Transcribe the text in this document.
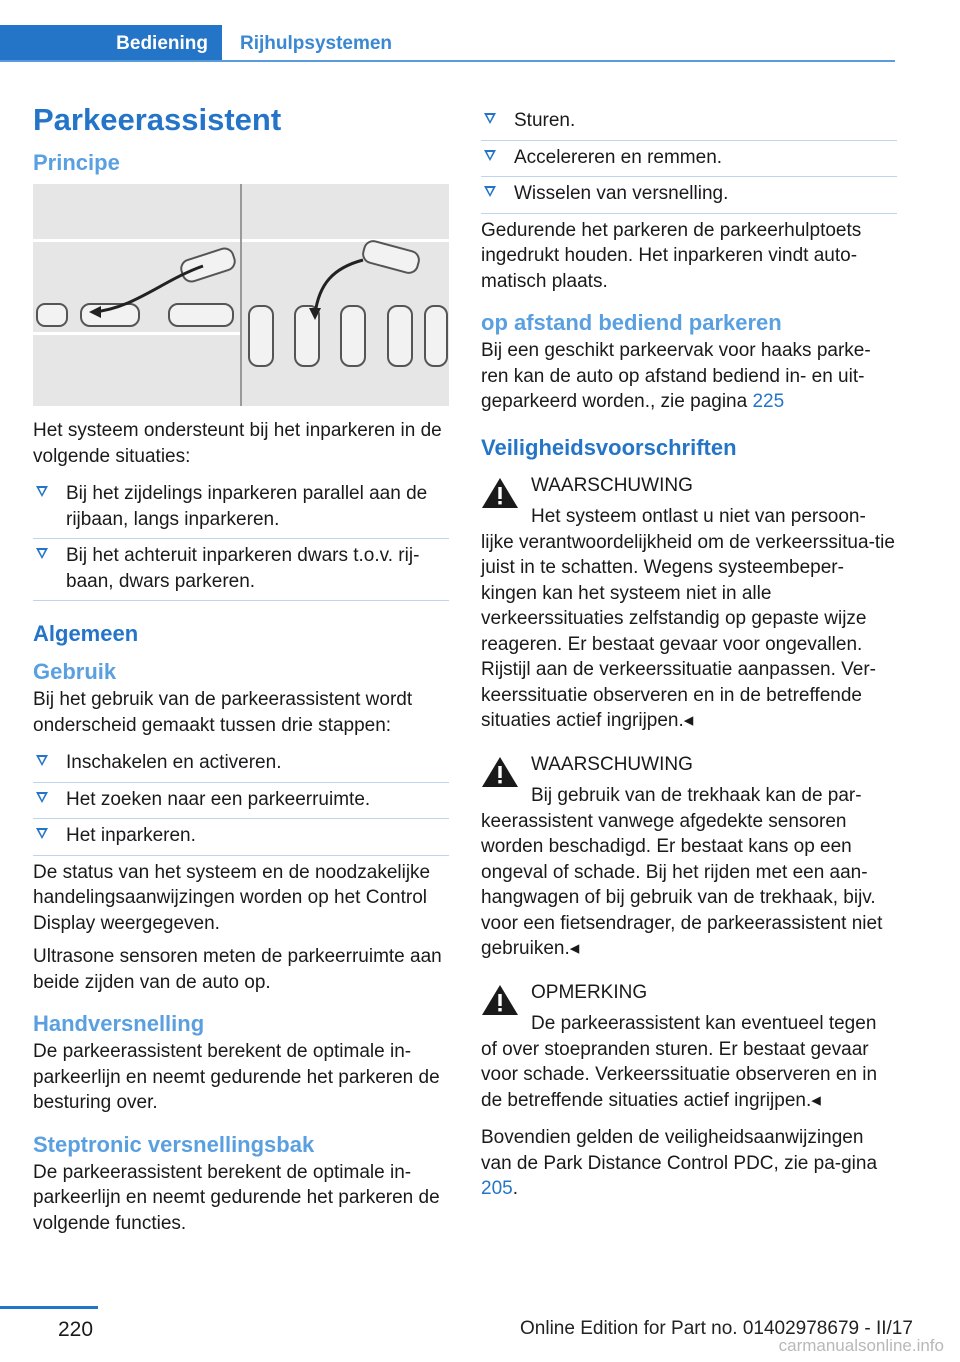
Bediening	Rijhulpsystemen
Parkeerassistent
Principe

Het systeem ondersteunt bij het inparkeren in de volgende situaties:

Bij het zijdelings inparkeren parallel aan de rijbaan, langs inparkeren.
Bij het achteruit inparkeren dwars t.o.v. rij-baan, dwars parkeren.
Algemeen
Gebruik

Bij het gebruik van de parkeerassistent wordt onderscheid gemaakt tussen drie stappen:

Inschakelen en activeren.
Het zoeken naar een parkeerruimte.
Het inparkeren.

De status van het systeem en de noodzakelijke handelingsaanwijzingen worden op het Control Display weergegeven.

Ultrasone sensoren meten de parkeerruimte aan beide zijden van de auto op.

Handversnelling

De parkeerassistent berekent de optimale in-parkeerlijn en neemt gedurende het parkeren de besturing over.

Steptronic versnellingsbak

De parkeerassistent berekent de optimale in-parkeerlijn en neemt gedurende het parkeren de volgende functies.

Sturen.
Accelereren en remmen.
Wisselen van versnelling.

Gedurende het parkeren de parkeerhulptoets ingedrukt houden. Het inparkeren vindt auto-matisch plaats.

op afstand bediend parkeren

Bij een geschikt parkeervak voor haaks parke-ren kan de auto op afstand bediend in- en uit-geparkeerd worden., zie pagina 225

Veiligheidsvoorschriften
WAARSCHUWING
Het systeem ontlast u niet van persoon-lijke verantwoordelijkheid om de verkeerssitua-tie juist in te schatten. Wegens systeembeper-kingen kan het systeem niet in alle verkeerssituaties zelfstandig op gepaste wijze reageren. Er bestaat gevaar voor ongevallen. Rijstijl aan de verkeerssituatie aanpassen. Ver-keerssituatie observeren en in de betreffende situaties actief ingrijpen.◂
WAARSCHUWING
Bij gebruik van de trekhaak kan de par-keerassistent vanwege afgedekte sensoren worden beschadigd. Er bestaat kans op een ongeval of schade. Bij het rijden met een aan-hangwagen of bij gebruik van de trekhaak, bijv. voor een fietsendrager, de parkeerassistent niet gebruiken.◂
OPMERKING
De parkeerassistent kan eventueel tegen of over stoepranden sturen. Er bestaat gevaar voor schade. Verkeerssituatie observeren en in de betreffende situaties actief ingrijpen.◂

Bovendien gelden de veiligheidsaanwijzingen van de Park Distance Control PDC, zie pa-gina 205.

220	Online Edition for Part no. 01402978679 - II/17
carmanualsonline.info
